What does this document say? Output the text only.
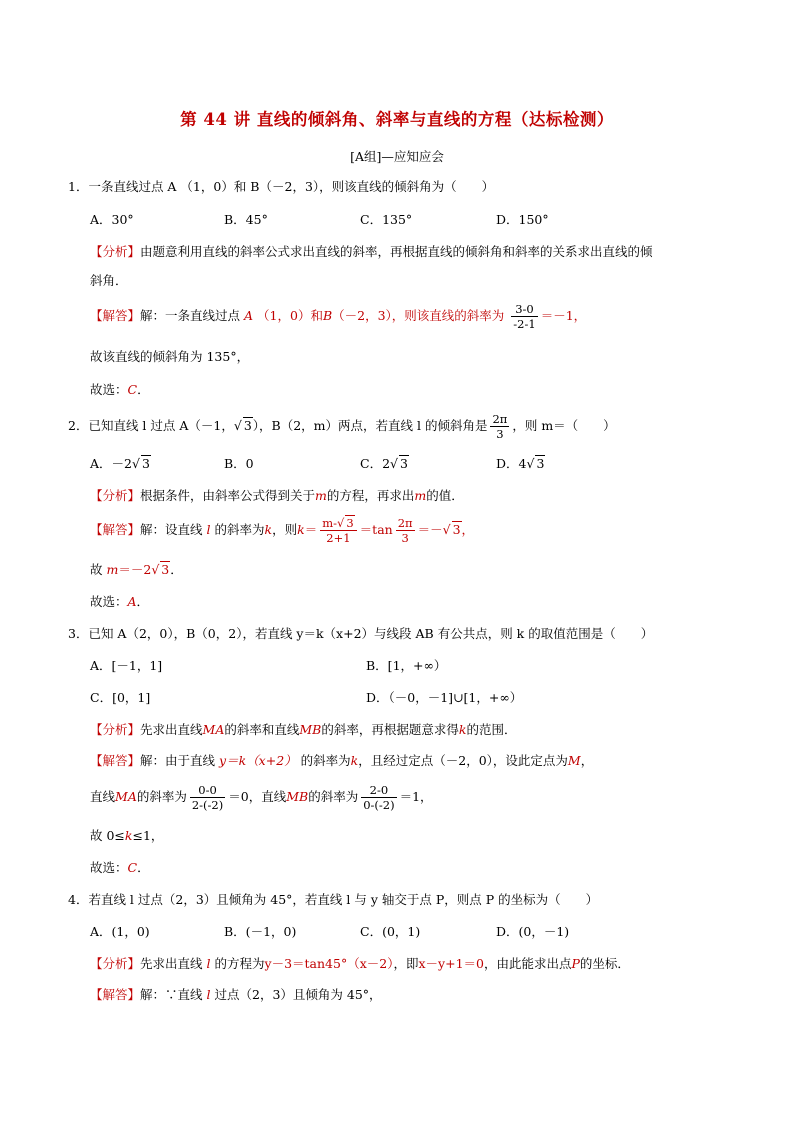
第 44 讲 直线的倾斜角、斜率与直线的方程（达标检测）
[A组]—应知应会
1．一条直线过点 A （1，0）和 B（－2，3），则该直线的倾斜角为（　　）
A．30°	B．45°	C．135°	D．150°
【分析】由题意利用直线的斜率公式求出直线的斜率，再根据直线的倾斜角和斜率的关系求出直线的倾
斜角．
【解答】解：一条直线过点 A （1，0）和B（－2，3），则该直线的斜率为 $\frac{3-0}{-2-1} =-1$，
故该直线的倾斜角为 135°，
故选：C．
2．已知直线 l 过点 A（－1，√ 3），B（2，m）两点，若直线 l 的倾斜角是 $\frac{2\pi}{3}$ ，则 m＝（　　）
A．－2√ 3	B．0	C．2√ 3	D．4√ 3
【分析】根据条件，由斜率公式得到关于m的方程，再求出m的值．
【解答】解：设直线 l 的斜率为k，则$k= \frac{m-√ 3}{2+1} =\tan \frac{2\pi}{3}$ ＝－√ 3，
故 m＝－2√ 3．
故选：A．
3．已知 A（2，0），B（0，2），若直线 y＝k（x+2）与线段 AB 有公共点，则 k 的取值范围是（　　）
A．[－1，1]	B．[1，+∞）
C．[0，1]	D．（－0，－1]∪[1，+∞）
【分析】先求出直线MA的斜率和直线MB的斜率，再根据题意求得k的范围．
【解答】解：由于直线 y＝k（x+2） 的斜率为k，且经过定点（－2，0），设此定点为M，
直线MA的斜率为 $\frac{0-0}{2-(-2)} =0$，直线MB的斜率为 $\frac{2-0}{0-(-2)} =1$，
故 0≤k≤1，
故选：C．
4．若直线 l 过点（2，3）且倾角为 45°，若直线 l 与 y 轴交于点 P，则点 P 的坐标为（　　）
A．(1，0)	B．(－1，0)	C．(0，1)	D．(0，－1)
【分析】先求出直线 l 的方程为y－3＝tan45°（x－2），即x－y+1＝0，由此能求出点P的坐标．
【解答】解：∵直线 l 过点（2，3）且倾角为 45°，
